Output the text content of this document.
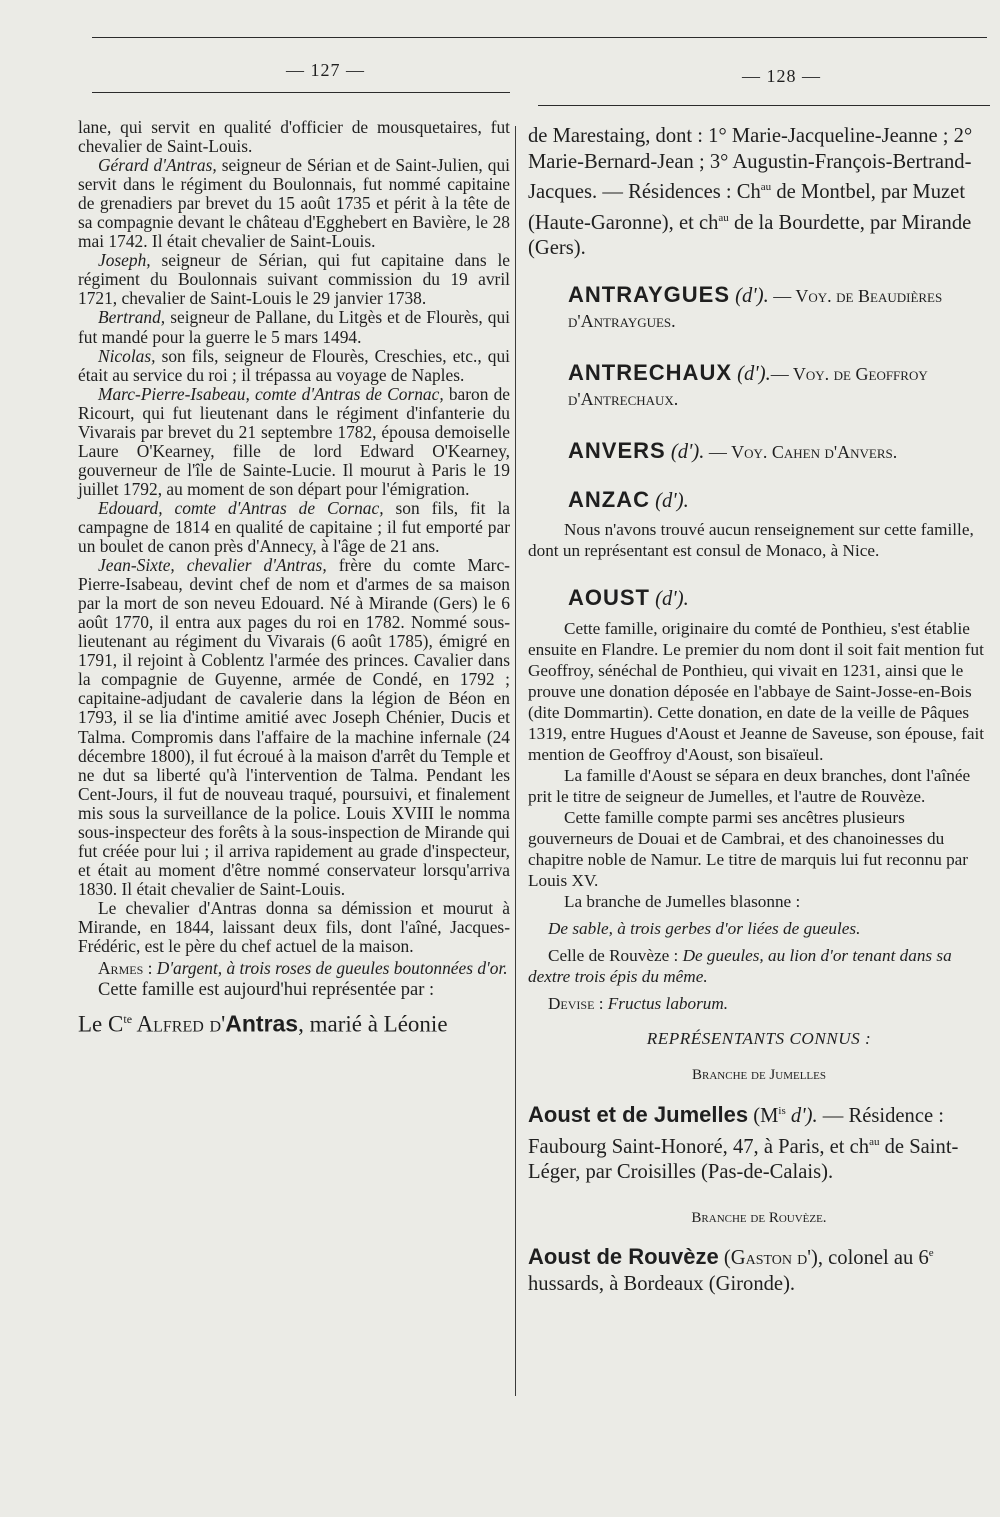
— 127 —	— 128 —

lane, qui servit en qualité d'officier de mousquetaires, fut chevalier de Saint-Louis.

Gérard d'Antras, seigneur de Sérian et de Saint-Julien, qui servit dans le régiment du Boulonnais, fut nommé capitaine de grenadiers par brevet du 15 août 1735 et périt à la tête de sa compagnie devant le château d'Egghebert en Bavière, le 28 mai 1742. Il était chevalier de Saint-Louis.

Joseph, seigneur de Sérian, qui fut capitaine dans le régiment du Boulonnais suivant commission du 19 avril 1721, chevalier de Saint-Louis le 29 janvier 1738.

Bertrand, seigneur de Pallane, du Litgès et de Flourès, qui fut mandé pour la guerre le 5 mars 1494.

Nicolas, son fils, seigneur de Flourès, Creschies, etc., qui était au service du roi ; il trépassa au voyage de Naples.

Marc-Pierre-Isabeau, comte d'Antras de Cornac, baron de Ricourt, qui fut lieutenant dans le régiment d'infanterie du Vivarais par brevet du 21 septembre 1782, épousa demoiselle Laure O'Kearney, fille de lord Edward O'Kearney, gouverneur de l'île de Sainte-Lucie. Il mourut à Paris le 19 juillet 1792, au moment de son départ pour l'émigration.

Edouard, comte d'Antras de Cornac, son fils, fit la campagne de 1814 en qualité de capitaine ; il fut emporté par un boulet de canon près d'Annecy, à l'âge de 21 ans.

Jean-Sixte, chevalier d'Antras, frère du comte Marc-Pierre-Isabeau, devint chef de nom et d'armes de sa maison par la mort de son neveu Edouard. Né à Mirande (Gers) le 6 août 1770, il entra aux pages du roi en 1782. Nommé sous-lieutenant au régiment du Vivarais (6 août 1785), émigré en 1791, il rejoint à Coblentz l'armée des princes. Cavalier dans la compagnie de Guyenne, armée de Condé, en 1792 ; capitaine-adjudant de cavalerie dans la légion de Béon en 1793, il se lia d'intime amitié avec Joseph Chénier, Ducis et Talma. Compromis dans l'affaire de la machine infernale (24 décembre 1800), il fut écroué à la maison d'arrêt du Temple et ne dut sa liberté qu'à l'intervention de Talma. Pendant les Cent-Jours, il fut de nouveau traqué, poursuivi, et finalement mis sous la surveillance de la police. Louis XVIII le nomma sous-inspecteur des forêts à la sous-inspection de Mirande qui fut créée pour lui ; il arriva rapidement au grade d'inspecteur, et était au moment d'être nommé conservateur lorsqu'arriva 1830. Il était chevalier de Saint-Louis.

Le chevalier d'Antras donna sa démission et mourut à Mirande, en 1844, laissant deux fils, dont l'aîné, Jacques-Frédéric, est le père du chef actuel de la maison.

Armes : D'argent, à trois roses de gueules boutonnées d'or.

Cette famille est aujourd'hui représentée par :

Le $C^{te}$ Alfred d'Antras, marié à Léonie

de Marestaing, dont : 1° Marie-Jacqueline-Jeanne ; 2° Marie-Bernard-Jean ; 3° Augustin-François-Bertrand-Jacques. — Résidences : $Ch^{au}$ de Montbel, par Muzet (Haute-Garonne), et $ch^{au}$ de la Bourdette, par Mirande (Gers).
ANTRAYGUES (d'). — Voy. de Beaudières d'Antraygues.
ANTRECHAUX (d').— Voy. de Geoffroy d'Antrechaux.
ANVERS (d'). — Voy. Cahen d'Anvers.
ANZAC (d').
Nous n'avons trouvé aucun renseignement sur cette famille, dont un représentant est consul de Monaco, à Nice.
AOUST (d').
Cette famille, originaire du comté de Ponthieu, s'est établie ensuite en Flandre. Le premier du nom dont il soit fait mention fut Geoffroy, sénéchal de Ponthieu, qui vivait en 1231, ainsi que le prouve une donation déposée en l'abbaye de Saint-Josse-en-Bois (dite Dommartin). Cette donation, en date de la veille de Pâques 1319, entre Hugues d'Aoust et Jeanne de Saveuse, son épouse, fait mention de Geoffroy d'Aoust, son bisaïeul.
La famille d'Aoust se sépara en deux branches, dont l'aînée prit le titre de seigneur de Jumelles, et l'autre de Rouvèze.
Cette famille compte parmi ses ancêtres plusieurs gouverneurs de Douai et de Cambrai, et des chanoinesses du chapitre noble de Namur. Le titre de marquis lui fut reconnu par Louis XV.
La branche de Jumelles blasonne :
De sable, à trois gerbes d'or liées de gueules.
Celle de Rouvèze : De gueules, au lion d'or tenant dans sa dextre trois épis du même.
Devise : Fructus laborum.
REPRÉSENTANTS CONNUS :
Branche de Jumelles
Aoust et de Jumelles ($M^{is}$ d'). — Résidence : Faubourg Saint-Honoré, 47, à Paris, et $ch^{au}$ de Saint-Léger, par Croisilles (Pas-de-Calais).
Branche de Rouvèze.
Aoust de Rouvèze (Gaston d'), colonel au 6e hussards, à Bordeaux (Gironde).
